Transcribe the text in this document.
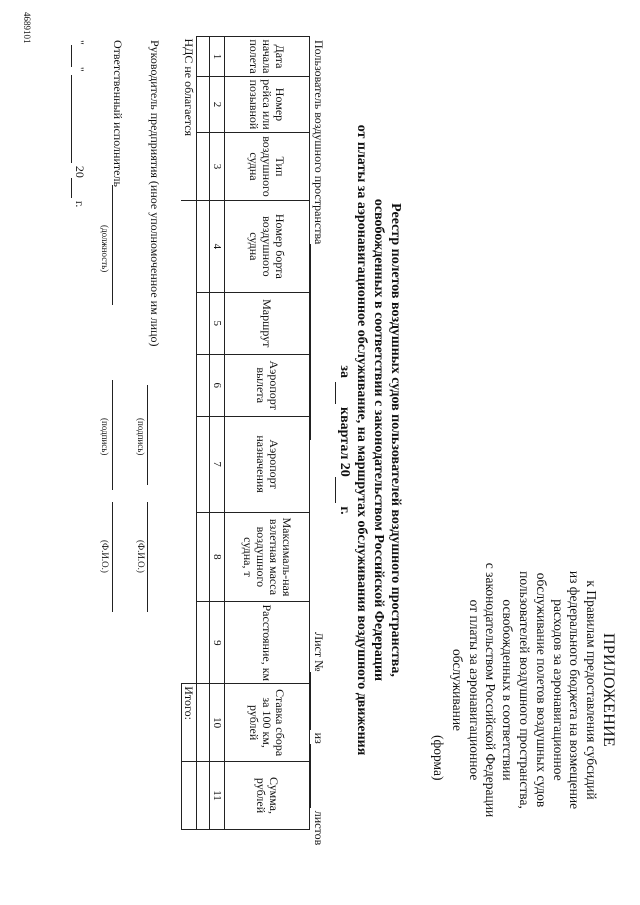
ПРИЛОЖЕНИЕ
к Правилам предоставления субсидий
из федерального бюджета на возмещение
расходов за аэронавигационное
обслуживание полетов воздушных судов
пользователей воздушного пространства,
освобожденных в соответствии
с законодательством Российской Федерации
от платы за аэронавигационное
обслуживание
(форма)
Реестр полетов воздушных судов пользователей воздушного пространства,
освобожденных в соответствии с законодательством Российской Федерации
от платы за аэронавигационное обслуживание, на маршрутах обслуживания воздушного движения
за   квартал 20  г.
Пользователь воздушного пространства
Лист №  из  листов
Дата начала полета	Номер рейса или позывной	Тип воздушного судна	Номер борта воздушного судна	Маршрут	Аэропорт вылета	Аэропорт назначения	Максималь-ная взлетная масса воздушного судна, т	Расстояние, км	Ставка сбора за 100 км, рублей	Сумма, рублей
1	2	3	4	5	6	7	8	9	10	11

НДС не облагается									Итого:	
Руководитель предприятия (иное уполномоченное им лицо)
(подпись)
(Ф.И.О.)
Ответственный исполнитель
(должность)
(подпись)
(Ф.И.О.)
" "   20  г.
4689101
